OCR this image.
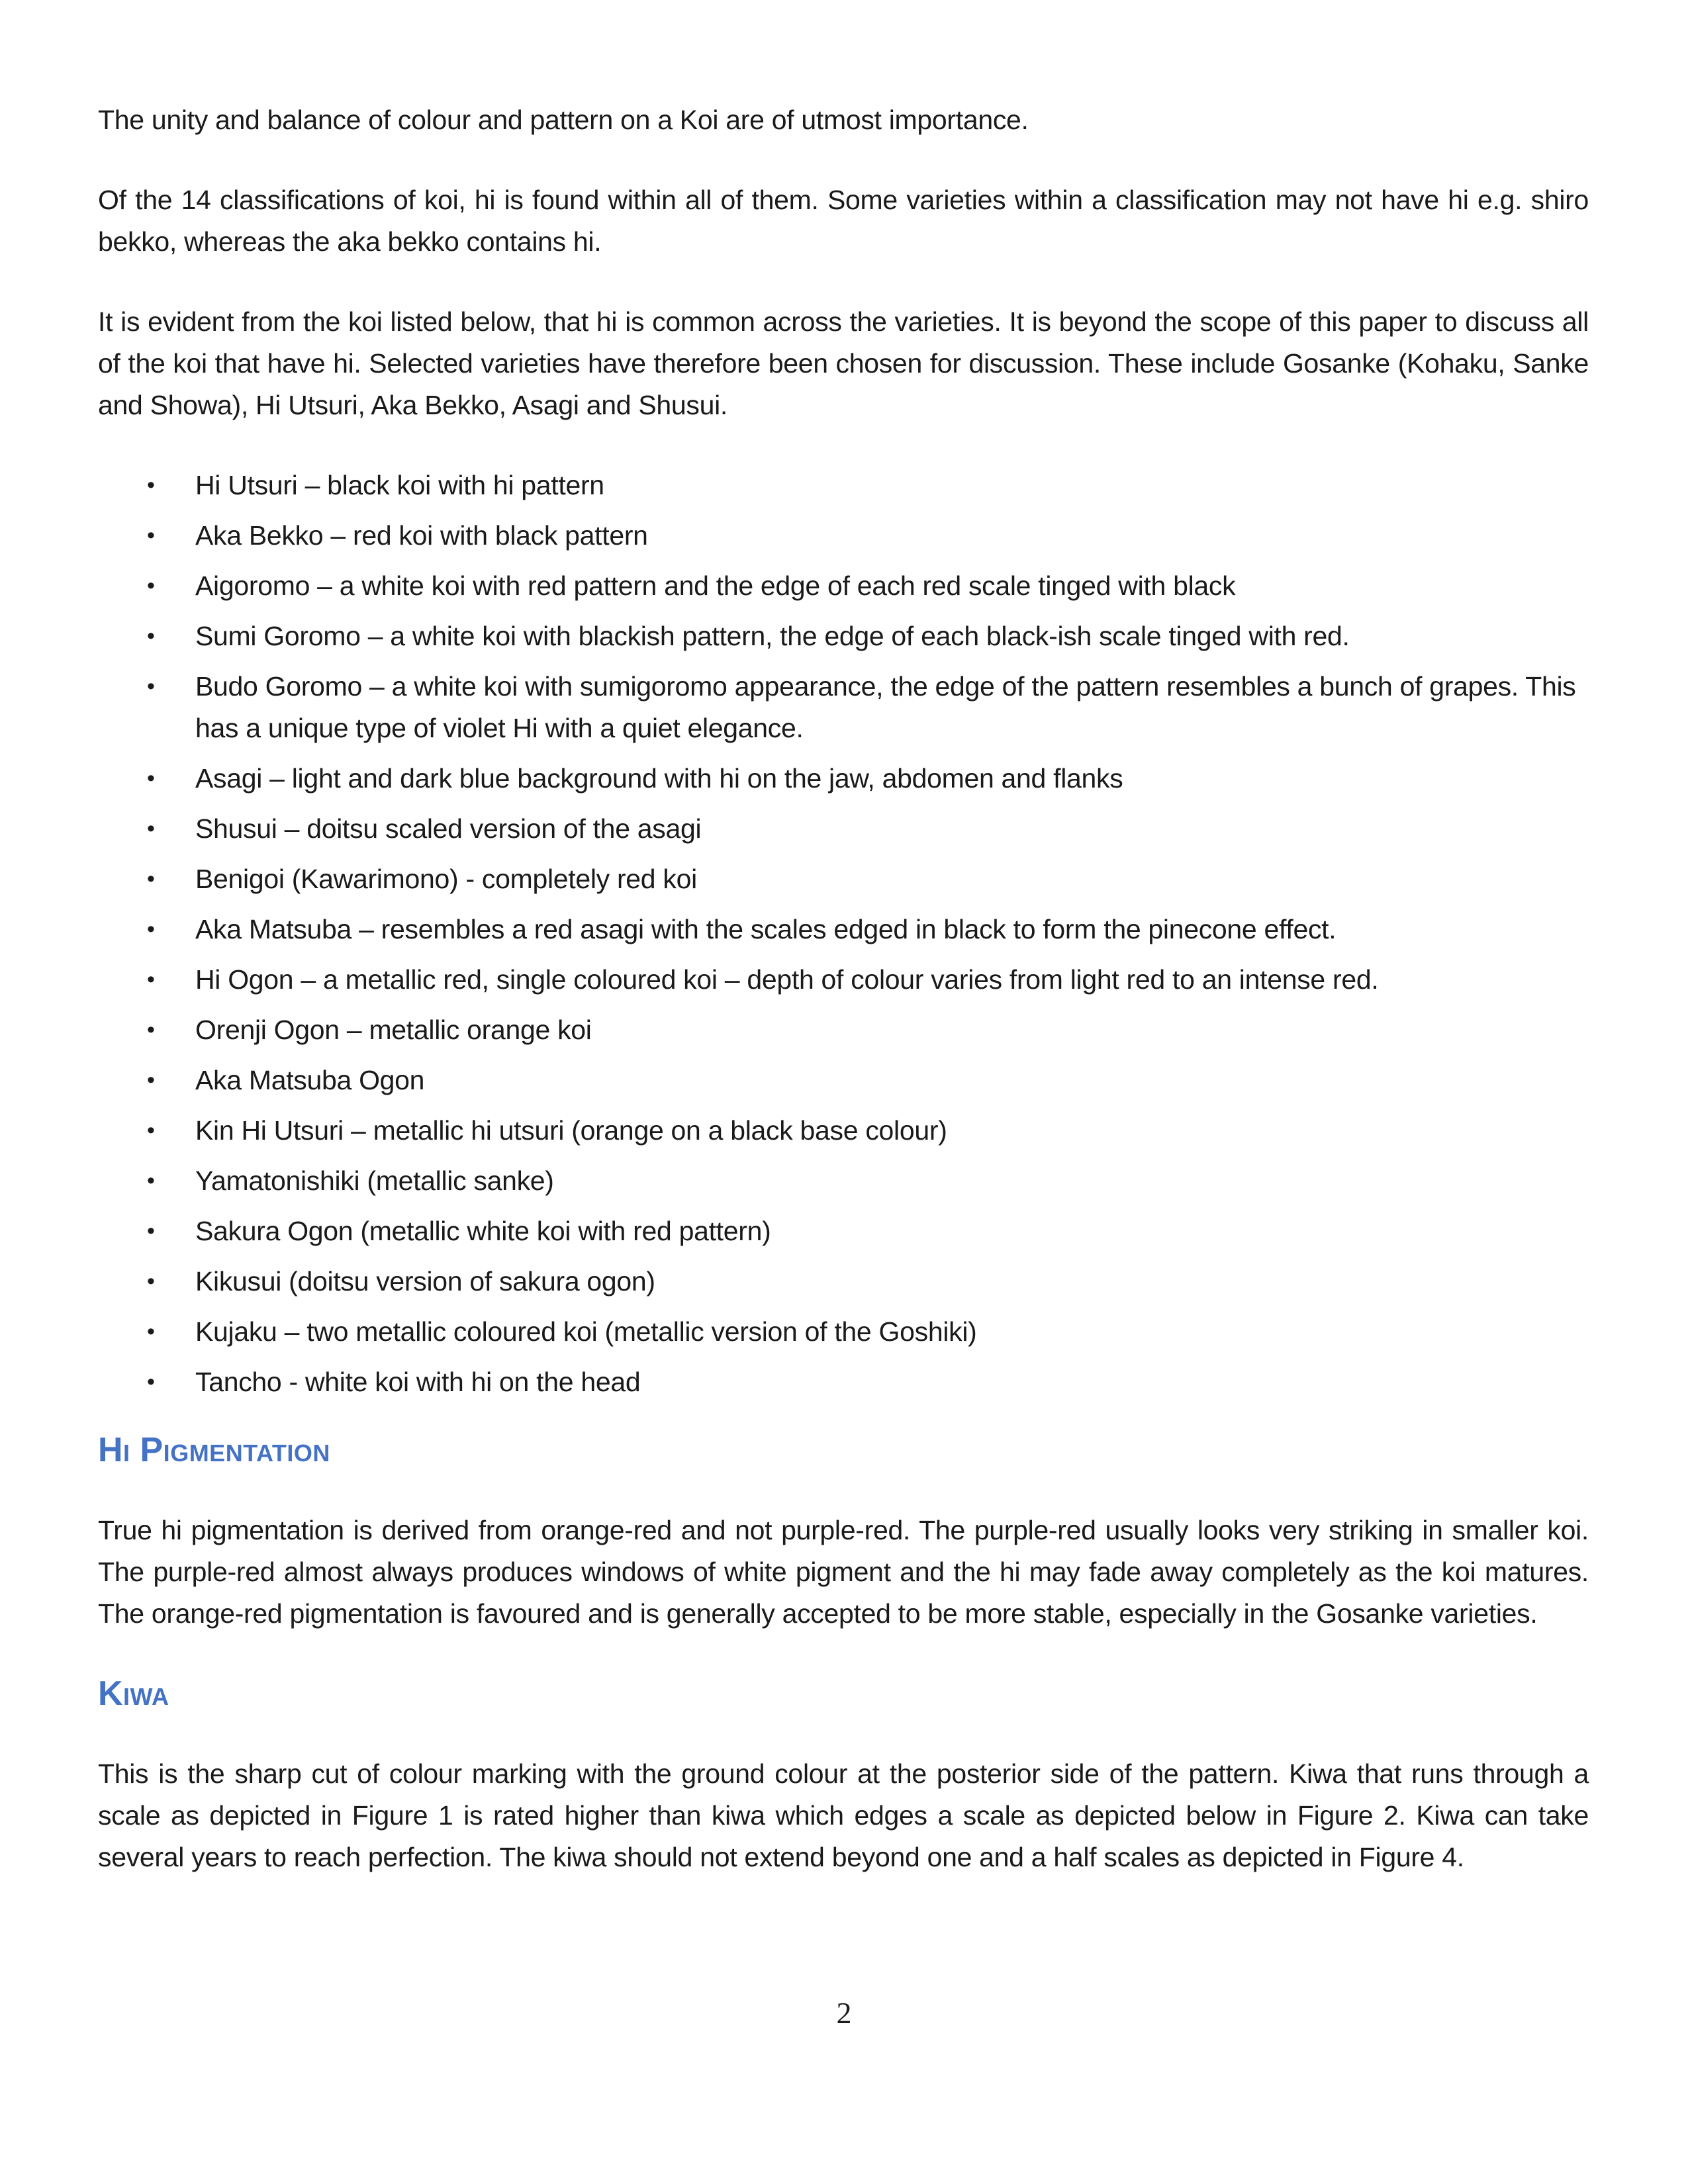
The unity and balance of colour and pattern on a Koi are of utmost importance.

Of the 14 classifications of koi, hi is found within all of them. Some varieties within a classification may not have hi e.g. shiro bekko, whereas the aka bekko contains hi.

It is evident from the koi listed below, that hi is common across the varieties. It is beyond the scope of this paper to discuss all of the koi that have hi. Selected varieties have therefore been chosen for discussion. These include Gosanke (Kohaku, Sanke and Showa), Hi Utsuri, Aka Bekko, Asagi and Shusui.

•	Hi Utsuri – black koi with hi pattern
•	Aka Bekko – red koi with black pattern
•	Aigoromo – a white koi with red pattern and the edge of each red scale tinged with black
•	Sumi Goromo – a white koi with blackish pattern, the edge of each black-ish scale tinged with red.
•	Budo Goromo – a white koi with sumigoromo appearance, the edge of the pattern resembles a bunch of grapes. This has a unique type of violet Hi with a quiet elegance.
•	Asagi – light and dark blue background with hi on the jaw, abdomen and flanks
•	Shusui – doitsu scaled version of the asagi
•	Benigoi (Kawarimono) - completely red koi
•	Aka Matsuba – resembles a red asagi with the scales edged in black to form the pinecone effect.
•	Hi Ogon – a metallic red, single coloured koi – depth of colour varies from light red to an intense red.
•	Orenji Ogon – metallic orange koi
•	Aka Matsuba Ogon
•	Kin Hi Utsuri – metallic hi utsuri (orange on a black base colour)
•	Yamatonishiki (metallic sanke)
•	Sakura Ogon (metallic white koi with red pattern)
•	Kikusui (doitsu version of sakura ogon)
•	Kujaku – two metallic coloured koi (metallic version of the Goshiki)
•	Tancho - white koi with hi on the head
Hi Pigmentation

True hi pigmentation is derived from orange-red and not purple-red. The purple-red usually looks very striking in smaller koi. The purple-red almost always produces windows of white pigment and the hi may fade away completely as the koi matures. The orange-red pigmentation is favoured and is generally accepted to be more stable, especially in the Gosanke varieties.

Kiwa

This is the sharp cut of colour marking with the ground colour at the posterior side of the pattern. Kiwa that runs through a scale as depicted in Figure 1 is rated higher than kiwa which edges a scale as depicted below in Figure 2. Kiwa can take several years to reach perfection. The kiwa should not extend beyond one and a half scales as depicted in Figure 4.

2
